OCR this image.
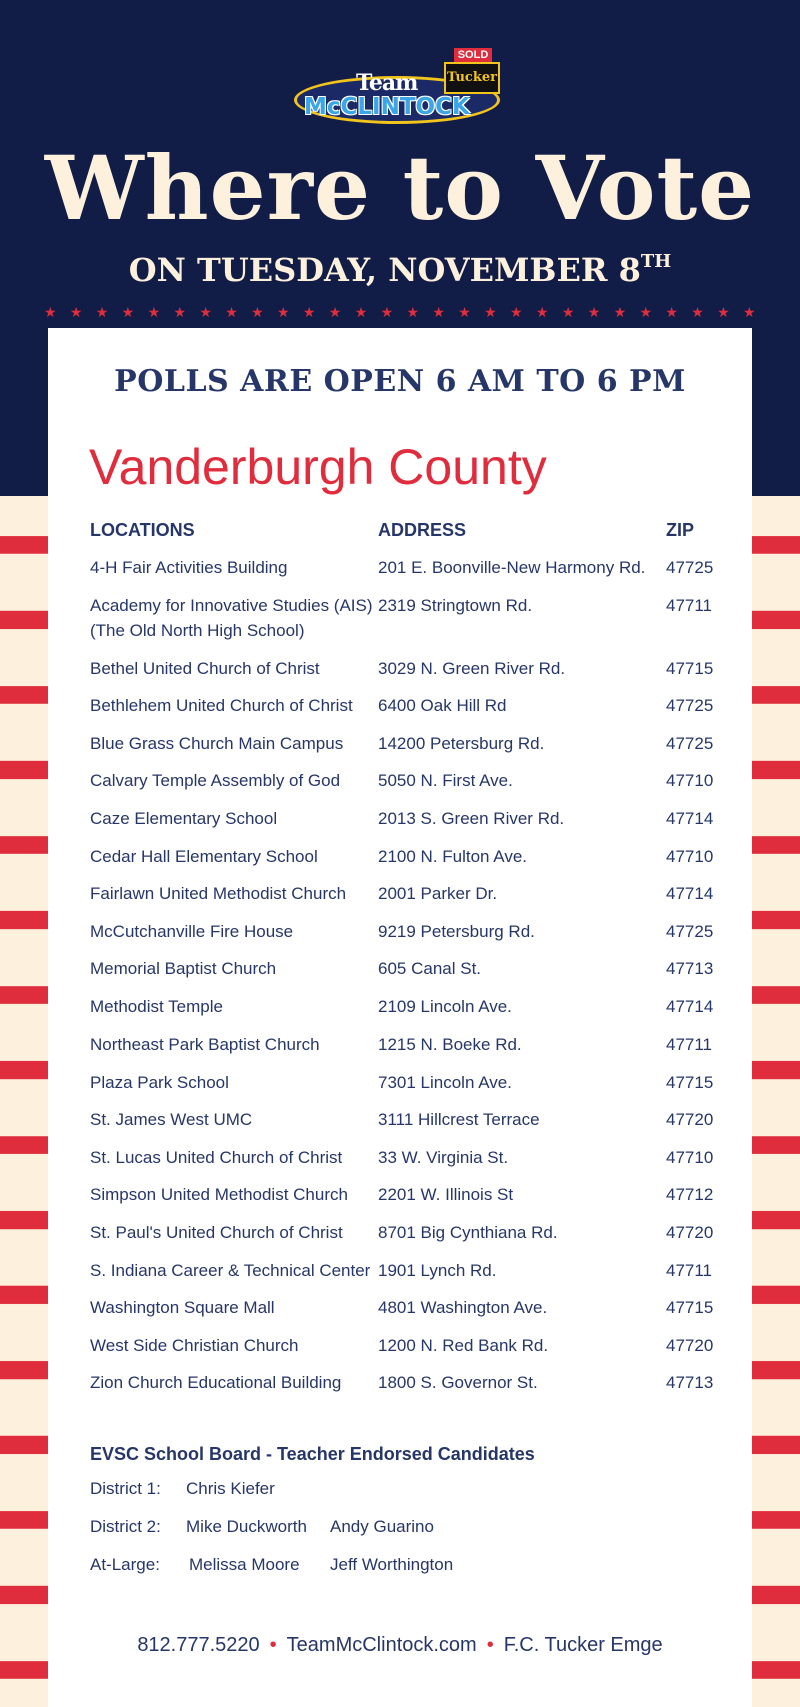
Team
McCLINTOCK
SOLD
Tucker
Where to Vote
ON TUESDAY, NOVEMBER 8TH
★ ★ ★ ★ ★ ★ ★ ★ ★ ★ ★ ★ ★ ★ ★ ★ ★ ★ ★ ★ ★ ★ ★ ★ ★ ★ ★ ★
POLLS ARE OPEN 6 AM TO 6 PM
Vanderburgh County
LOCATIONS	ADDRESS	ZIP
4-H Fair Activities Building	201 E. Boonville-New Harmony Rd.	47725
Academy for Innovative Studies (AIS)
(The Old North High School)
2319 Stringtown Rd.	47711
Bethel United Church of Christ	3029 N. Green River Rd.	47715
Bethlehem United Church of Christ	6400 Oak Hill Rd	47725
Blue Grass Church Main Campus	14200 Petersburg Rd.	47725
Calvary Temple Assembly of God	5050 N. First Ave.	47710
Caze Elementary School	2013 S. Green River Rd.	47714
Cedar Hall Elementary School	2100 N. Fulton Ave.	47710
Fairlawn United Methodist Church	2001 Parker Dr.	47714
McCutchanville Fire House	9219 Petersburg Rd.	47725
Memorial Baptist Church	605 Canal St.	47713
Methodist Temple	2109 Lincoln Ave.	47714
Northeast Park Baptist Church	1215 N. Boeke Rd.	47711
Plaza Park School	7301 Lincoln Ave.	47715
St. James West UMC	3111 Hillcrest Terrace	47720
St. Lucas United Church of Christ	33 W. Virginia St.	47710
Simpson United Methodist Church	2201 W. Illinois St	47712
St. Paul's United Church of Christ	8701 Big Cynthiana Rd.	47720
S. Indiana Career & Technical Center 1901 Lynch Rd.	47711
Washington Square Mall	4801 Washington Ave.	47715
West Side Christian Church	1200 N. Red Bank Rd.	47720
Zion Church Educational Building	1800 S. Governor St.	47713
EVSC School Board - Teacher Endorsed Candidates
District 1: Chris Kiefer
District 2: Mike Duckworth Andy Guarino
At-Large: Melissa Moore Jeff Worthington
812.777.5220 • TeamMcClintock.com • F.C. Tucker Emge
